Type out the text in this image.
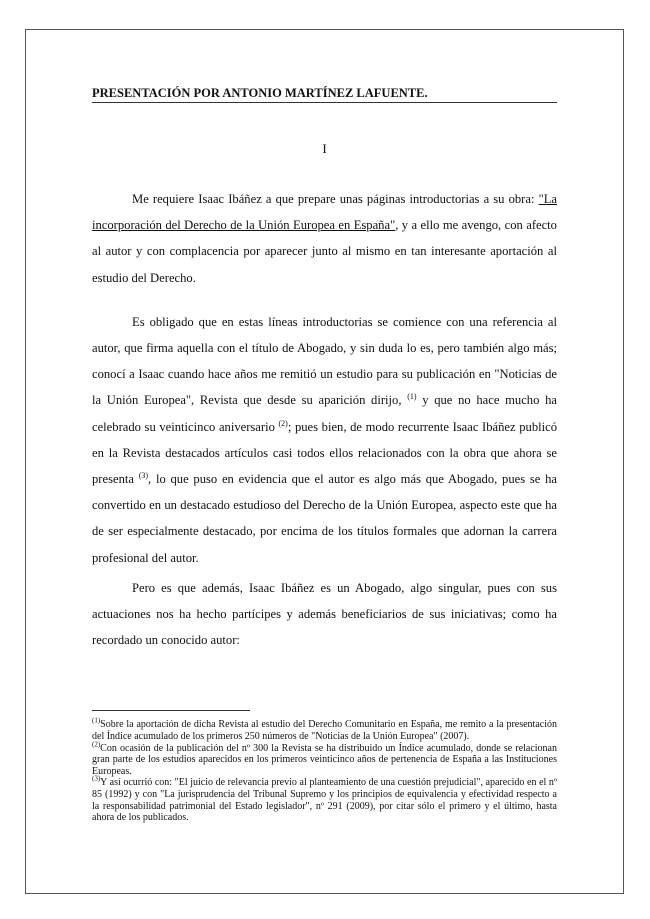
PRESENTACIÓN POR ANTONIO MARTÍNEZ LAFUENTE.

I

Me requiere Isaac Ibáñez a que prepare unas páginas introductorias a su obra: "La incorporación del Derecho de la Unión Europea en España", y a ello me avengo, con afecto al autor y con complacencia por aparecer junto al mismo en tan interesante aportación al estudio del Derecho.

Es obligado que en estas líneas introductorias se comience con una referencia al autor, que firma aquella con el título de Abogado, y sin duda lo es, pero también algo más; conocí a Isaac cuando hace años me remitió un estudio para su publicación en "Noticias de la Unión Europea", Revista que desde su aparición dirijo, $^{(1)}$ y que no hace mucho ha celebrado su veinticinco aniversario $^{(2)}$; pues bien, de modo recurrente Isaac Ibáñez publicó en la Revista destacados artículos casi todos ellos relacionados con la obra que ahora se presenta $^{(3)}$, lo que puso en evidencia que el autor es algo más que Abogado, pues se ha convertido en un destacado estudioso del Derecho de la Unión Europea, aspecto este que ha de ser especialmente destacado, por encima de los títulos formales que adornan la carrera profesional del autor.

Pero es que además, Isaac Ibáñez es un Abogado, algo singular, pues con sus actuaciones nos ha hecho partícipes y además beneficiarios de sus iniciativas; como ha recordado un conocido autor:

$^{(1)}$Sobre la aportación de dicha Revista al estudio del Derecho Comunitario en España, me remito a la presentación del Índice acumulado de los primeros 250 números de "Noticias de la Unión Europea" (2007).

$^{(2)}$Con ocasión de la publicación del nº 300 la Revista se ha distribuido un Índice acumulado, donde se relacionan gran parte de los estudios aparecidos en los primeros veinticinco años de pertenencia de España a las Instituciones Europeas.

$^{(3)}$Y así ocurrió con: "El juicio de relevancia previo al planteamiento de una cuestión prejudicial", aparecido en el nº 85 (1992) y con "La jurisprudencia del Tribunal Supremo y los principios de equivalencia y efectividad respecto a la responsabilidad patrimonial del Estado legislador", nº 291 (2009), por citar sólo el primero y el último, hasta ahora de los publicados.
